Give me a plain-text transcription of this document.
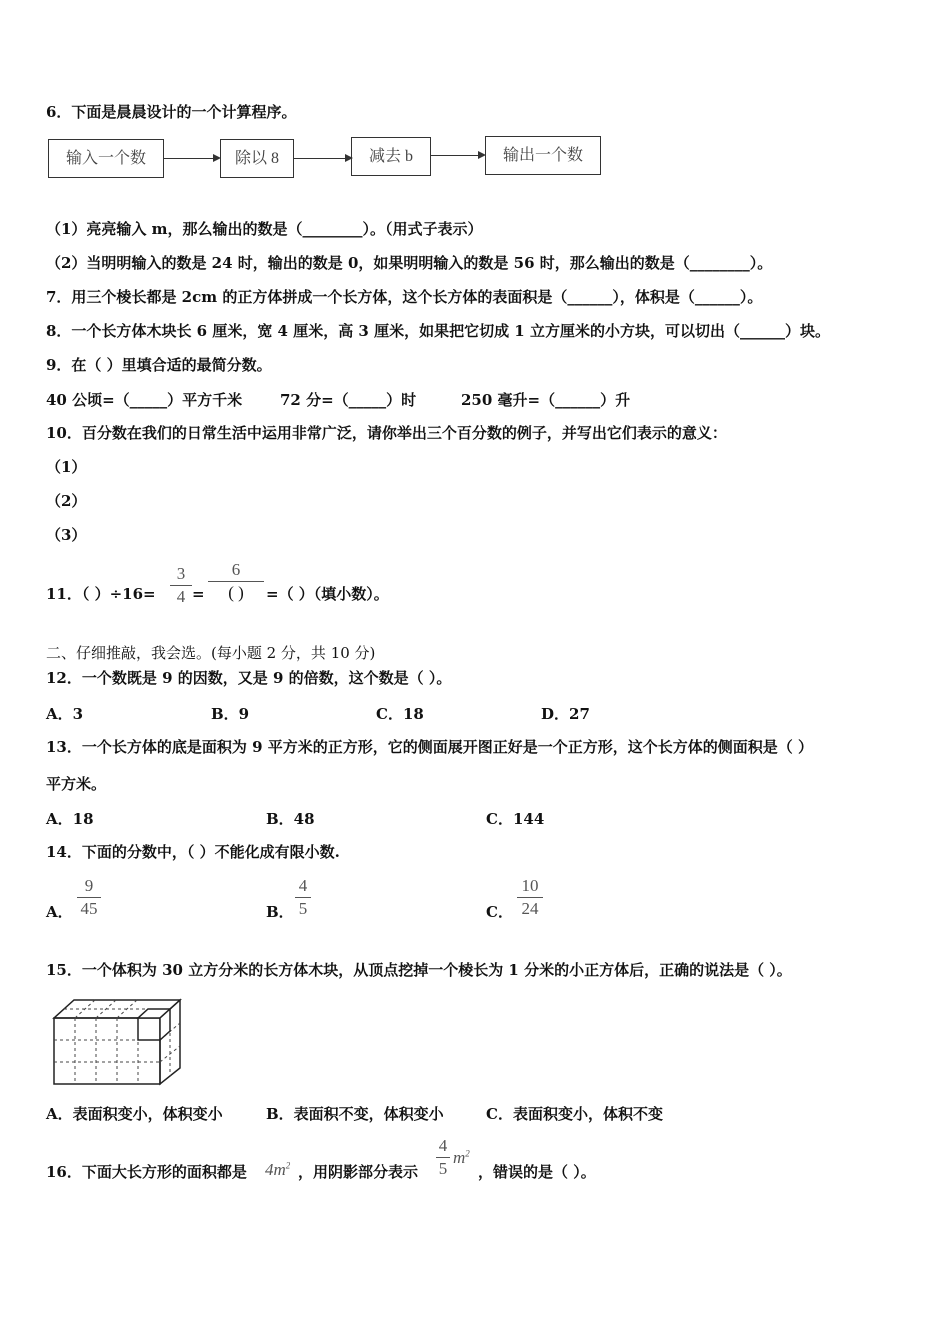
6．下面是晨晨设计的一个计算程序。
输入一个数	除以 8	减去 b	输出一个数
（1）亮亮输入 m，那么输出的数是（________）。（用式子表示）
（2）当明明输入的数是 24 时，输出的数是 0，如果明明输入的数是 56 时，那么输出的数是（________）。
7．用三个棱长都是 2cm 的正方体拼成一个长方体，这个长方体的表面积是（______），体积是（______）。
8．一个长方体木块长 6 厘米，宽 4 厘米，高 3 厘米，如果把它切成 1 立方厘米的小方块，可以切出（______）块。
9．在（ ）里填合适的最简分数。
40 公顷=（_____）平方千米	72 分=（_____）时	250 毫升=（______）升
10．百分数在我们的日常生活中运用非常广泛，请你举出三个百分数的例子，并写出它们表示的意义：
（1）
（2）
（3）
11．（ ）÷16=
3
4 =
6
( )	=（ ）（填小数）。
二、仔细推敲，我会选。(每小题 2 分，共 10 分)
12．一个数既是 9 的因数，又是 9 的倍数，这个数是（ ）。
A．3	B．9	C．18	D．27
13．一个长方体的底是面积为 9 平方米的正方形，它的侧面展开图正好是一个正方形，这个长方体的侧面积是（ ）
平方米。
A．18	B．48	C．144
14．下面的分数中，（ ）不能化成有限小数.
A．
9
45	B．
4
5	C．
10
24
15．一个体积为 30 立方分米的长方体木块，从顶点挖掉一个棱长为 1 分米的小正方体后，正确的说法是（ ）。
A．表面积变小，体积变小	B．表面积不变，体积变小	C．表面积变小，体积不变
16．下面大长方形的面积都是 $4m^2$ ，用阴影部分表示
4
5
$m^2$
，错误的是（ ）。
